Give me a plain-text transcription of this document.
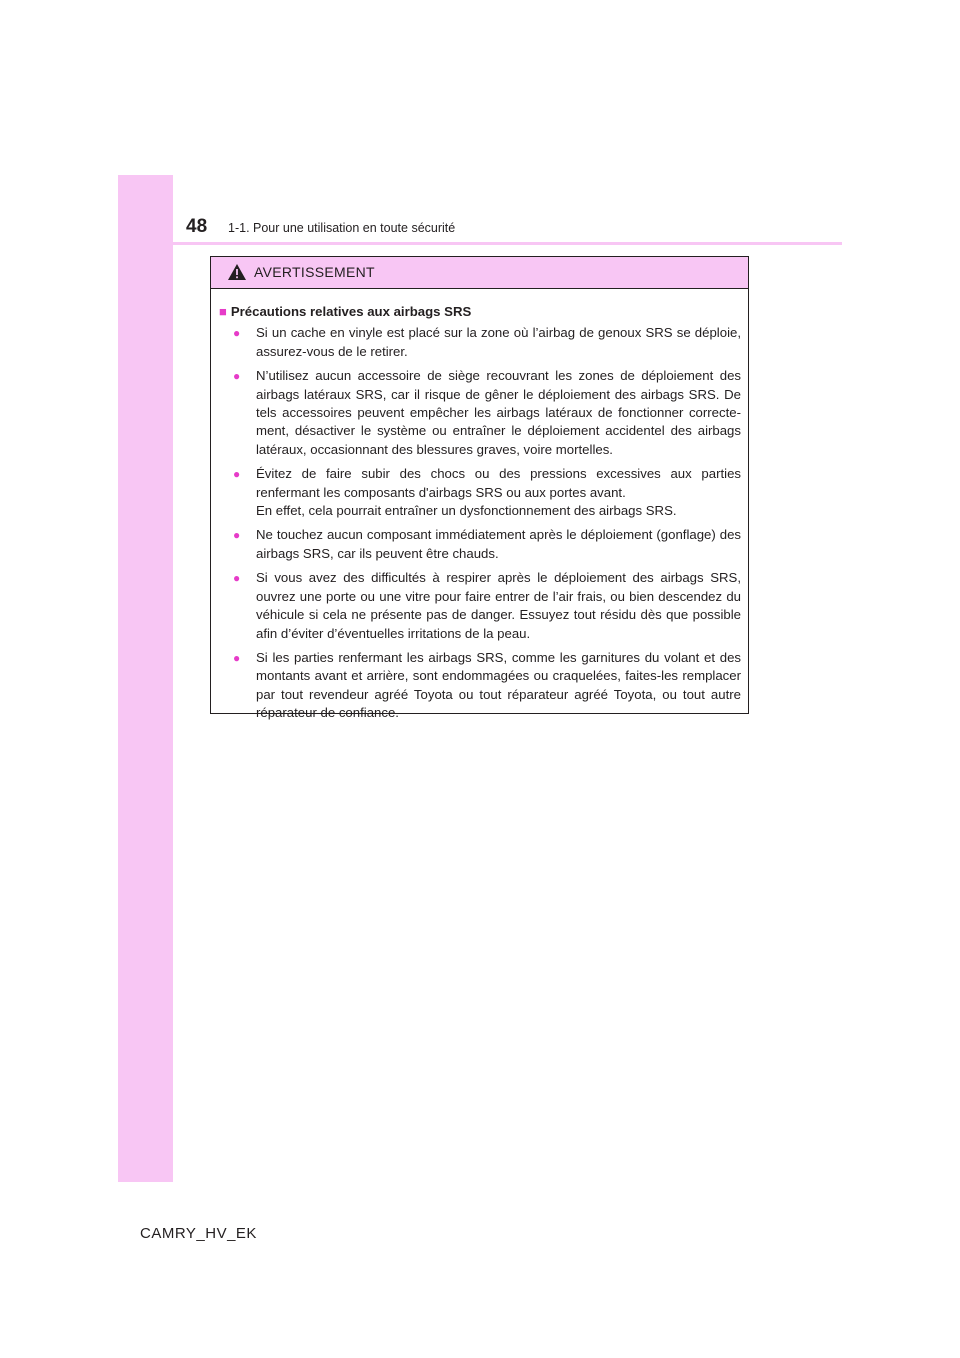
48 1-1. Pour une utilisation en toute sécurité
AVERTISSEMENT
■ Précautions relatives aux airbags SRS
●	Si un cache en vinyle est placé sur la zone où l’airbag de genoux SRS se déploie, assurez-vous de le retirer.

●	N’utilisez aucun accessoire de siège recouvrant les zones de déploiement des airbags latéraux SRS, car il risque de gêner le déploiement des airbags SRS. De tels accessoires peuvent empêcher les airbags latéraux de fonctionner correcte-ment, désactiver le système ou entraîner le déploiement accidentel des airbags latéraux, occasionnant des blessures graves, voire mortelles.

●	Évitez de faire subir des chocs ou des pressions excessives aux parties renfermant les composants d'airbags SRS ou aux portes avant.

En effet, cela pourrait entraîner un dysfonctionnement des airbags SRS.

●	Ne touchez aucun composant immédiatement après le déploiement (gonflage) des airbags SRS, car ils peuvent être chauds.

●	Si vous avez des difficultés à respirer après le déploiement des airbags SRS, ouvrez une porte ou une vitre pour faire entrer de l’air frais, ou bien descendez du véhicule si cela ne présente pas de danger. Essuyez tout résidu dès que possible afin d’éviter d’éventuelles irritations de la peau.

●	Si les parties renfermant les airbags SRS, comme les garnitures du volant et des montants avant et arrière, sont endommagées ou craquelées, faites-les remplacer par tout revendeur agréé Toyota ou tout réparateur agréé Toyota, ou tout autre réparateur de confiance.

CAMRY_HV_EK
